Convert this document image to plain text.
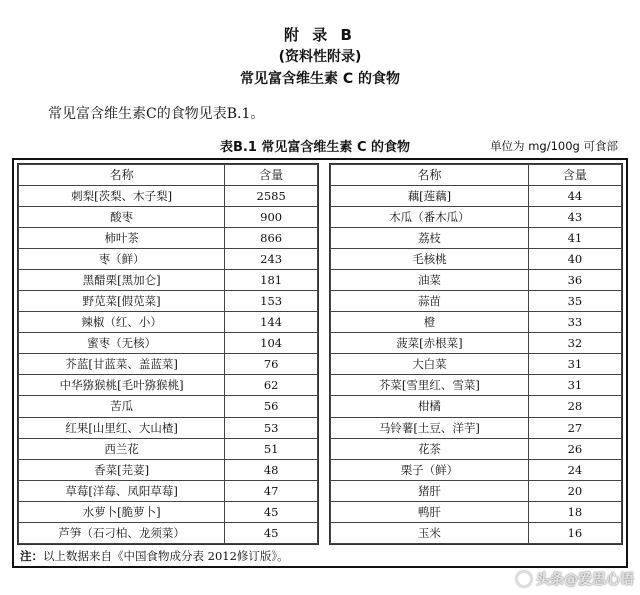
附 录 B
(资料性附录)
常见富含维生素 C 的食物
常见富含维生素C的食物见表B.1。
表B.1 常见富含维生素 C 的食物	单位为 mg/100g 可食部
名称	含量
刺梨[茨梨、木子梨]	2585
酸枣	900
柿叶茶	866
枣（鲜）	243
黑醋栗[黑加仑]	181
野苋菜[假苋菜]	153
辣椒（红、小）	144
蜜枣（无核）	104
芥蓝[甘蓝菜、盖蓝菜]	76
中华猕猴桃[毛叶猕猴桃]	62
苦瓜	56
红果[山里红、大山楂]	53
西兰花	51
香菜[芫荽]	48
草莓[洋莓、凤阳草莓]	47
水萝卜[脆萝卜]	45
芦笋（石刁柏、龙须菜）	45
名称	含量
藕[莲藕]	44
木瓜（番木瓜）	43
荔枝	41
毛核桃	40
油菜	36
蒜苗	35
橙	33
菠菜[赤根菜]	32
大白菜	31
芥菜[雪里红、雪菜]	31
柑橘	28
马铃薯[土豆、洋芋]	27
花茶	26
栗子（鲜）	24
猪肝	20
鸭肝	18
玉米	16
注：以上数据来自《中国食物成分表 2012修订版》。
头条@爱思心语
